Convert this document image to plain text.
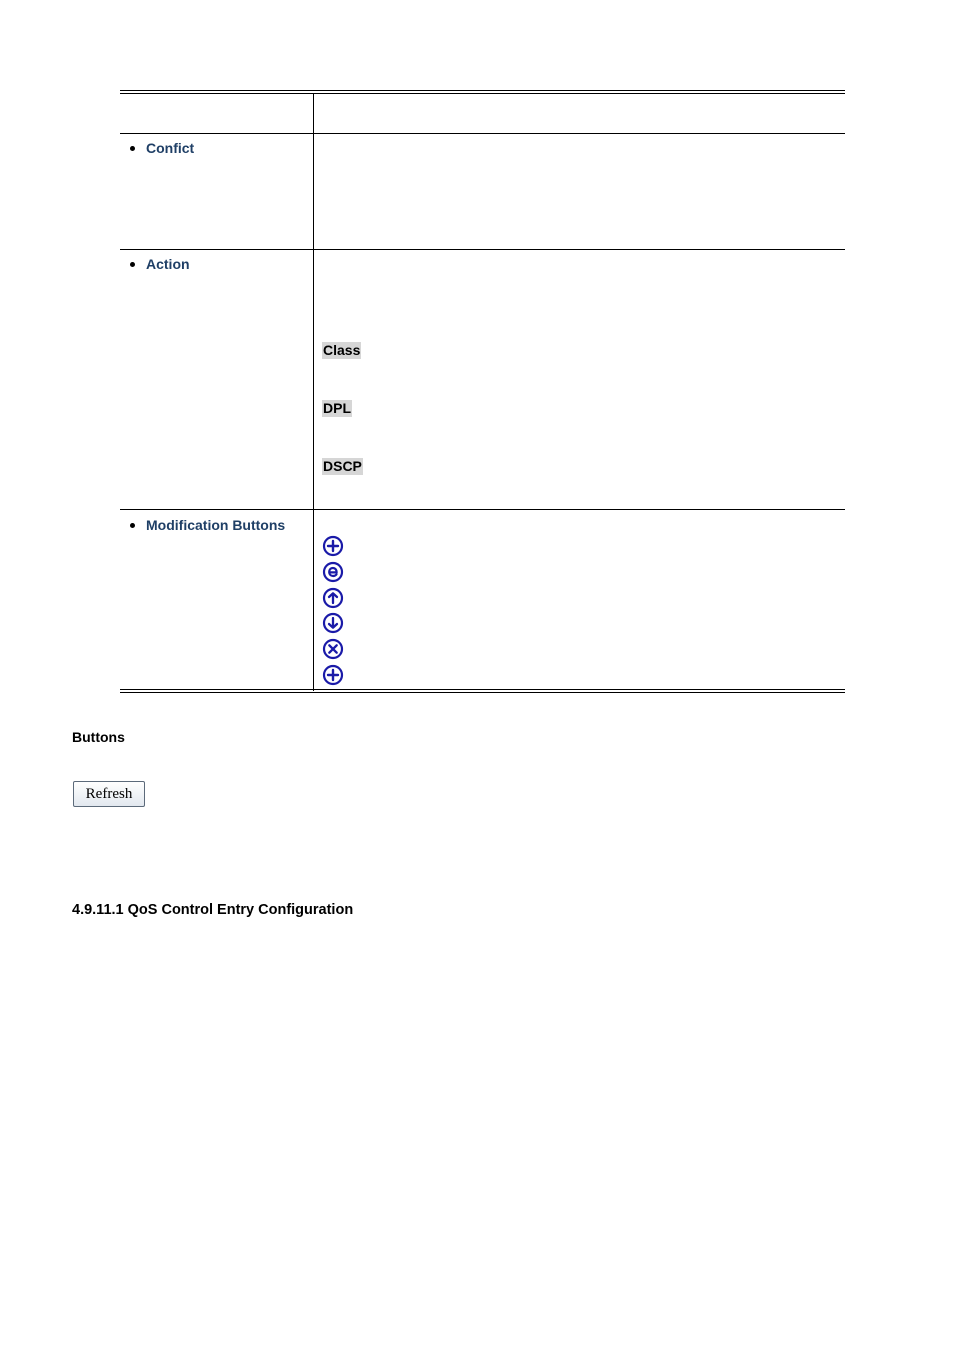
Confict
Action
Modification Buttons
Class
DPL
DSCP
Buttons
Refresh
4.9.11.1 QoS Control Entry Configuration
